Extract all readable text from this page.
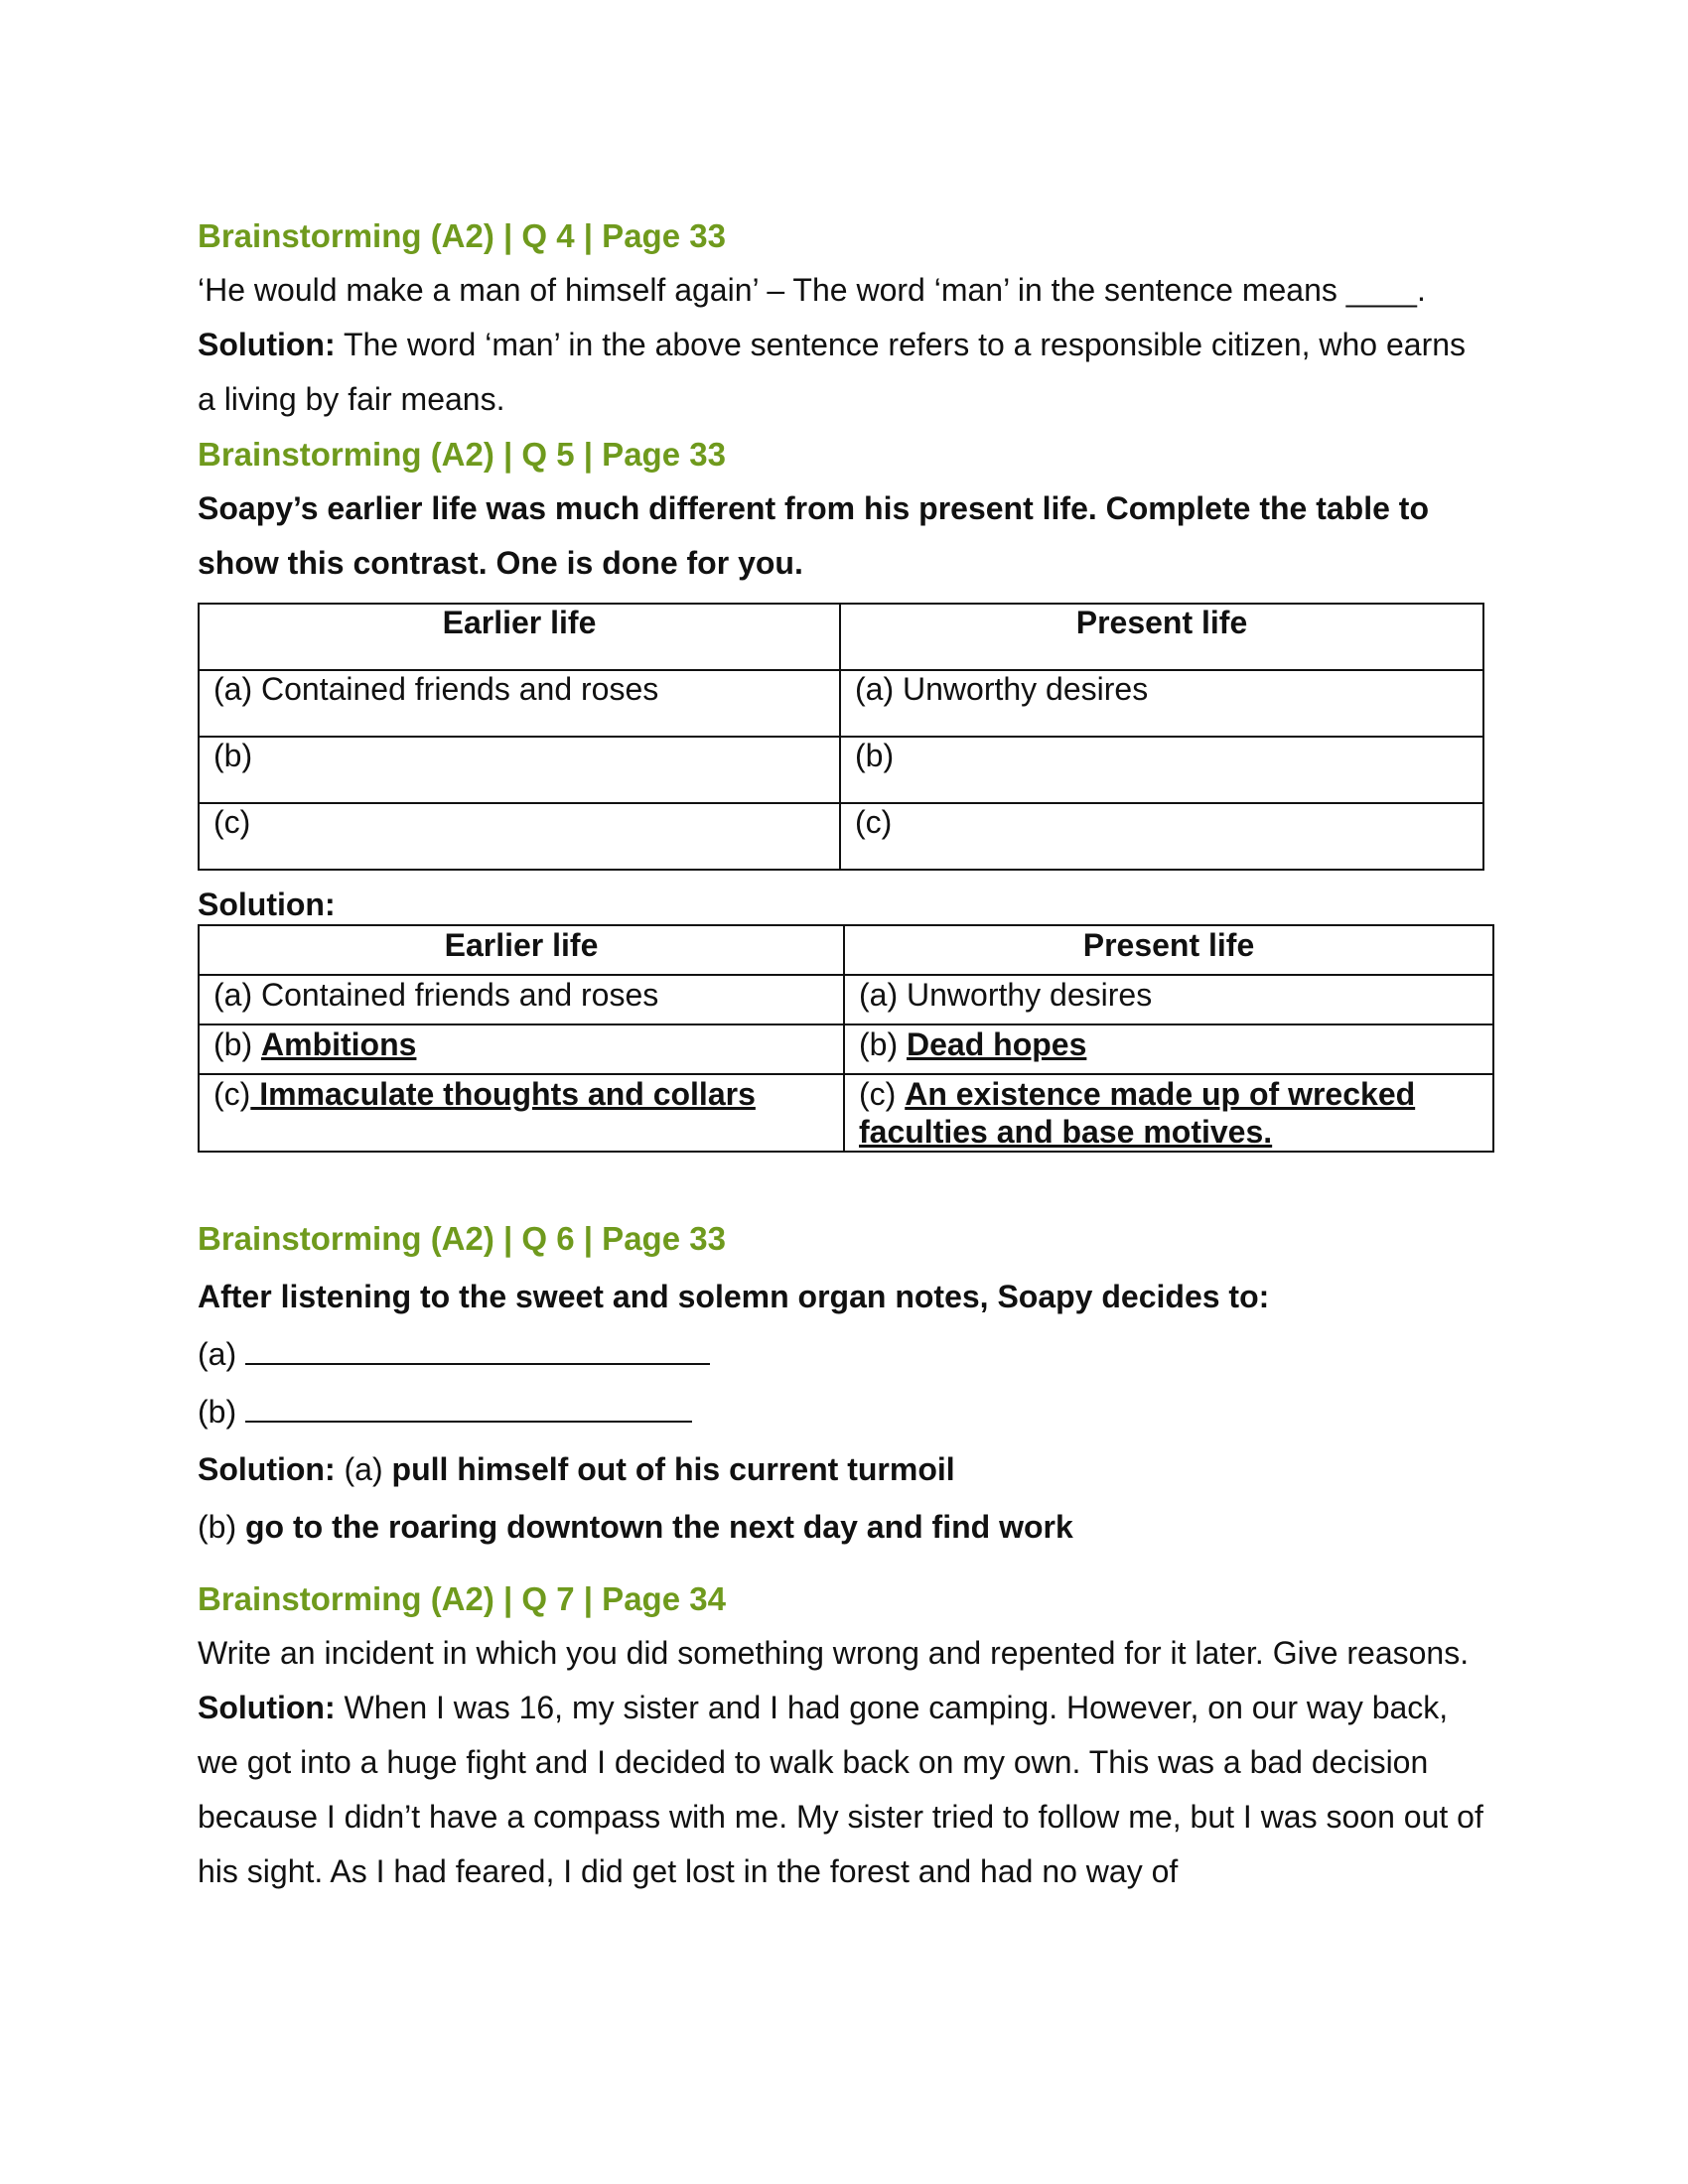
Brainstorming (A2) | Q 4 | Page 33

‘He would make a man of himself again’ – The word ‘man’ in the sentence means ____.

Solution: The word ‘man’ in the above sentence refers to a responsible citizen, who earns a living by fair means.

Brainstorming (A2) | Q 5 | Page 33

Soapy’s earlier life was much different from his present life. Complete the table to show this contrast. One is done for you.

Earlier life	Present life
(a) Contained friends and roses	(a) Unworthy desires
(b)	(b)
(c)	(c)
Solution:
Earlier life	Present life
(a) Contained friends and roses	(a) Unworthy desires
(b) Ambitions	(b) Dead hopes
(c) Immaculate thoughts and collars	(c) An existence made up of wrecked faculties and base motives.

Brainstorming (A2) | Q 6 | Page 33

After listening to the sweet and solemn organ notes, Soapy decides to:

(a)

(b)

Solution: (a) pull himself out of his current turmoil

(b) go to the roaring downtown the next day and find work

Brainstorming (A2) | Q 7 | Page 34

Write an incident in which you did something wrong and repented for it later. Give reasons.

Solution: When I was 16, my sister and I had gone camping. However, on our way back, we got into a huge fight and I decided to walk back on my own. This was a bad decision because I didn’t have a compass with me. My sister tried to follow me, but I was soon out of his sight. As I had feared, I did get lost in the forest and had no way of
